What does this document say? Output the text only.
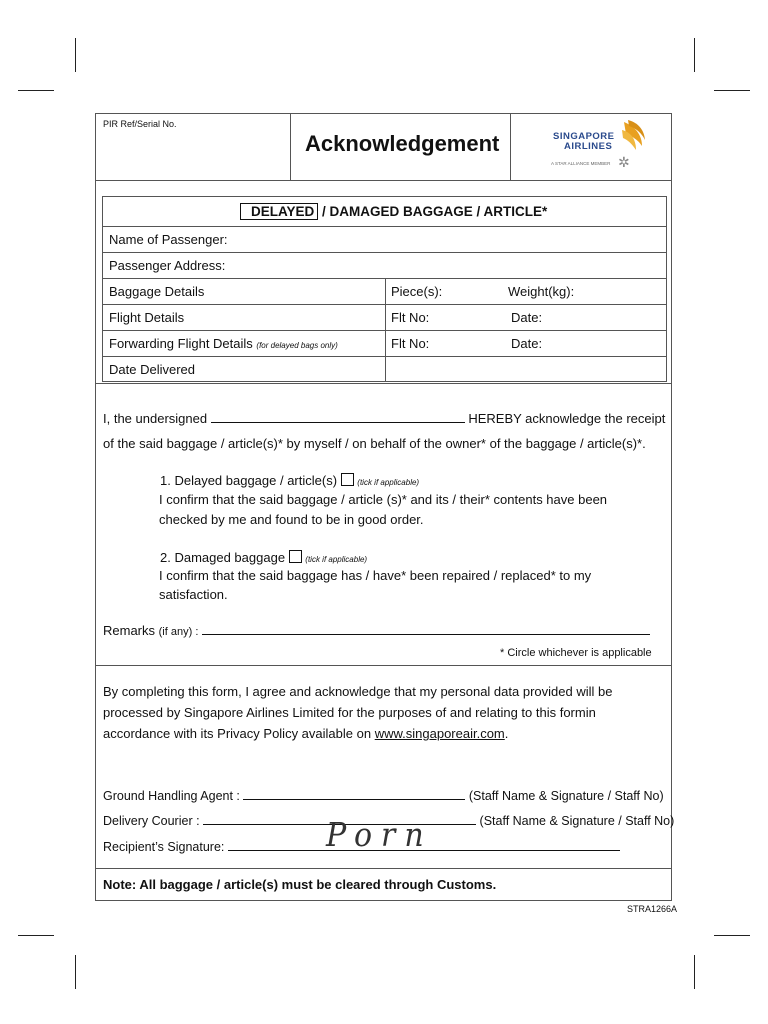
PIR Ref/Serial No.
Acknowledgement	SINGAPORE
AIRLINES
A STAR ALLIANCE MEMBER ✲
DELAYED / DAMAGED BAGGAGE / ARTICLE*
Name of Passenger:
Passenger Address:
Baggage Details	Piece(s):	Weight(kg):
Flight Details	Flt No:	Date:
Forwarding Flight Details (for delayed bags only)	Flt No:	Date:
Date Delivered
I, the undersigned	HEREBY acknowledge the receipt
of the said baggage / article(s)* by myself / on behalf of the owner* of the baggage / article(s)*.
1. Delayed baggage / article(s)	(tick if applicable)
I confirm that the said baggage / article (s)* and its / their* contents have been
checked by me and found to be in good order.
2. Damaged baggage	(tick if applicable)
I confirm that the said baggage has / have* been repaired / replaced* to my
satisfaction.
Remarks (if any) :
* Circle whichever is applicable
By completing this form, I agree and acknowledge that my personal data provided will be
processed by Singapore Airlines Limited for the purposes of and relating to this formin
accordance with its Privacy Policy available on www.singaporeair.com.
Ground Handling Agent :	(Staff Name & Signature / Staff No)
Delivery Courier :	(Staff Name & Signature / Staff No)
Recipient’s Signature:	Porn
Note: All baggage / article(s) must be cleared through Customs.
STRA1266A
